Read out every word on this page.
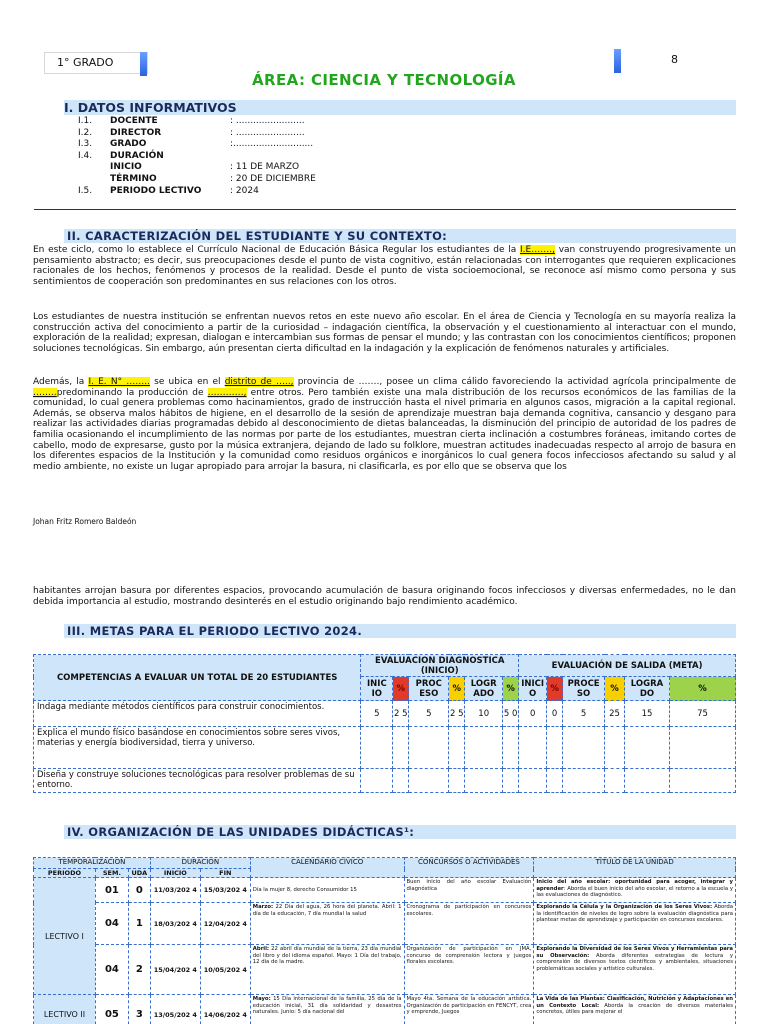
1° GRADO	8
ÁREA: CIENCIA Y TECNOLOGÍA
I. DATOS INFORMATIVOS
I.1.	DOCENTE	: ........................
I.2.	DIRECTOR	: ........................
I.3.	GRADO	:............................
I.4.	DURACIÓN
INICIO	: 11 DE MARZO
TÉRMINO	: 20 DE DICIEMBRE
I.5.	PERIODO LECTIVO	: 2024
II. CARACTERIZACIÓN DEL ESTUDIANTE Y SU CONTEXTO:

En este ciclo, como lo establece el Currículo Nacional de Educación Básica Regular los estudiantes de la I.E……., van construyendo progresivamente un pensamiento abstracto; es decir, sus preocupaciones desde el punto de vista cognitivo, están relacionadas con interrogantes que requieren explicaciones racionales de los hechos, fenómenos y procesos de la realidad. Desde el punto de vista socioemocional, se reconoce así mismo como persona y sus sentimientos de cooperación son predominantes en sus relaciones con los otros.

Los estudiantes de nuestra institución se enfrentan nuevos retos en este nuevo año escolar. En el área de Ciencia y Tecnología en su mayoría realiza la construcción activa del conocimiento a partir de la curiosidad – indagación científica, la observación y el cuestionamiento al interactuar con el mundo, exploración de la realidad; expresan, dialogan e intercambian sus formas de pensar el mundo; y las contrastan con los conocimientos científicos; proponen soluciones tecnológicas. Sin embargo, aún presentan cierta dificultad en la indagación y la explicación de fenómenos naturales y artificiales.

Además, la I. E. N° …….. se ubica en el distrito de ….., provincia de ……., posee un clima cálido favoreciendo la actividad agrícola principalmente de ……..predominando la producción de …………, entre otros. Pero también existe una mala distribución de los recursos económicos de las familias de la comunidad, lo cual genera problemas como hacinamientos, grado de instrucción hasta el nivel primaria en algunos casos, migración a la capital regional. Además, se observa malos hábitos de higiene, en el desarrollo de la sesión de aprendizaje muestran baja demanda cognitiva, cansancio y desgano para realizar las actividades diarias programadas debido al desconocimiento de dietas balanceadas, la disminución del principio de autoridad de los padres de familia ocasionando el incumplimiento de las normas por parte de los estudiantes, muestran cierta inclinación a costumbres foráneas, imitando cortes de cabello, modo de expresarse, gusto por la música extranjera, dejando de lado su folklore, muestran actitudes inadecuadas respecto al arrojo de basura en los diferentes espacios de la Institución y la comunidad como residuos orgánicos e inorgánicos lo cual genera focos infecciosos afectando su salud y al medio ambiente, no existe un lugar apropiado para arrojar la basura, ni clasificarla, es por ello que se observa que los

Johan Fritz Romero Baldeón

habitantes arrojan basura por diferentes espacios, provocando acumulación de basura originando focos infecciosos y diversas enfermedades, no le dan debida importancia al estudio, mostrando desinterés en el estudio originando bajo rendimiento académico.

III. METAS PARA EL PERIODO LECTIVO 2024.
COMPETENCIAS A EVALUAR UN TOTAL DE 20 ESTUDIANTES	EVALUACION DIAGNOSTICA (INICIO)						EVALUACIÓN DE SALIDA (META)					
	INIC IO	%	PROC ESO	%	LOGR ADO	%	INICI O	%	PROCE SO	%	LOGRA DO	%
Indaga mediante métodos científicos para construir conocimientos.	5	2 5	5	2 5	10	5 0	0	0	5	25	15	75
Explica el mundo físico basándose en conocimientos sobre seres vivos, materias y energía biodiversidad, tierra y universo.												
Diseña y construye soluciones tecnológicas para resolver problemas de su entorno.												
IV. ORGANIZACIÓN DE LAS UNIDADES DIDÁCTICAS¹:
TEMPORALIZACION			DURACION		CALENDARIO CÍVICO	CONCURSOS O ACTIVIDADES	TÍTULO DE LA UNIDAD
PERIODO	SEM.	UDA	INICIO	FIN			
LECTIVO I	01	0	11/03/202 4	15/03/202 4	Día la mujer 8, derecho Consumidor 15	Buen inicio del año escolar Evaluación diagnóstica	Inicio del año escolar: oportunidad para acoger, integrar y aprender: Aborda el buen inicio del año escolar, el retorno a la escuela y las evaluaciones de diagnóstico.
	04	1	18/03/202 4	12/04/202 4	Marzo: 22 Día del agua, 26 hora del planeta. Abril: 1 día de la educación, 7 día mundial la salud	Cronograma de participación en concursos escolares.	Explorando la Célula y la Organización de los Seres Vivos: Aborda la identificación de niveles de logro sobre la evaluación diagnóstica para plantear metas de aprendizaje y participación en concursos escolares.
	04	2	15/04/202 4	10/05/202 4	Abril: 22 abril día mundial de la tierra, 23 día mundial del libro y del idioma español. Mayo: 1 Día del trabajo, 12 día de la madre.	Organización de participación en JMA, concurso de comprensión lectora y juegos florales escolares.	Explorando la Diversidad de los Seres Vivos y Herramientas para su Observación: Aborda diferentes estrategias de lectura y comprensión de diversos textos científicos y ambientales, situaciones problemáticas sociales y artístico culturales.
LECTIVO II	05	3	13/05/202 4	14/06/202 4	Mayo: 15 Día internacional de la familia, 25 día de la educación inicial, 31 día solidaridad y desastres naturales. Junio: 5 día nacional del	Mayo 4ta. Semana de la educación artística. Organización de participación en FENCYT, crea y emprende, Juegos	La Vida de las Plantas: Clasificación, Nutrición y Adaptaciones en un Contexto Local: Aborda la creación de diversos materiales concretos, útiles para mejorar el
